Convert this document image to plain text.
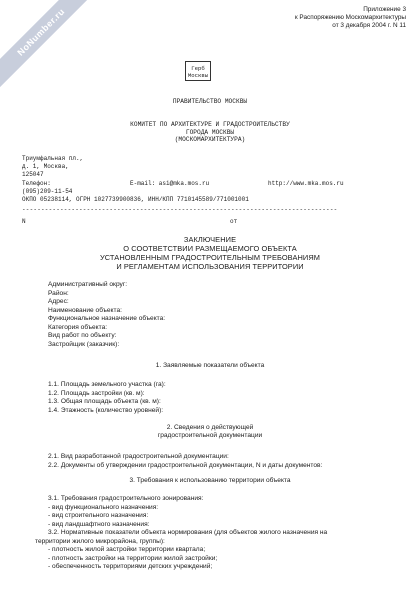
NoNumber.ru	Приложение 3
к Распоряжению Москомархитектуры
от 3 декабря 2004 г. N 11
Герб
Москвы
ПРАВИТЕЛЬСТВО МОСКВЫ
КОМИТЕТ ПО АРХИТЕКТУРЕ И ГРАДОСТРОИТЕЛЬСТВУ
ГОРОДА МОСКВЫ
(МОСКОМАРХИТЕКТУРА)
Триумфальная пл.,
д. 1, Москва,
125047
Телефон:	E-mail: asi@mka.mos.ru	http://www.mka.mos.ru
(095)209-11-54
ОКПО 05238114, ОГРН 1027739900836, ИНН/КПП 7710145589/771001001
-----------------------------------------------------------------------------------
N	от
ЗАКЛЮЧЕНИЕ
О СООТВЕТСТВИИ РАЗМЕЩАЕМОГО ОБЪЕКТА
УСТАНОВЛЕННЫМ ГРАДОСТРОИТЕЛЬНЫМ ТРЕБОВАНИЯМ
И РЕГЛАМЕНТАМ ИСПОЛЬЗОВАНИЯ ТЕРРИТОРИИ
Административный округ:
Район:
Адрес:
Наименование объекта:
Функциональное назначение объекта:
Категория объекта:
Вид работ по объекту:
Застройщик (заказчик):
1. Заявляемые показатели объекта
1.1. Площадь земельного участка (га):
1.2. Площадь застройки (кв. м):
1.3. Общая площадь объекта (кв. м):
1.4. Этажность (количество уровней):
2. Сведения о действующей
градостроительной документации
2.1. Вид разработанной градостроительной документации:
2.2. Документы об утверждении градостроительной документации, N и даты документов:
3. Требования к использованию территории объекта
3.1. Требования градостроительного зонирования:
- вид функционального назначения:
- вид строительного назначения:
- вид ландшафтного назначения:
3.2. Нормативные показатели объекта нормирования (для объектов жилого назначения на
территории жилого микрорайона, группы):
- плотность жилой застройки территории квартала;
- плотность застройки на территории жилой застройки;
- обеспеченность территориями детских учреждений;
